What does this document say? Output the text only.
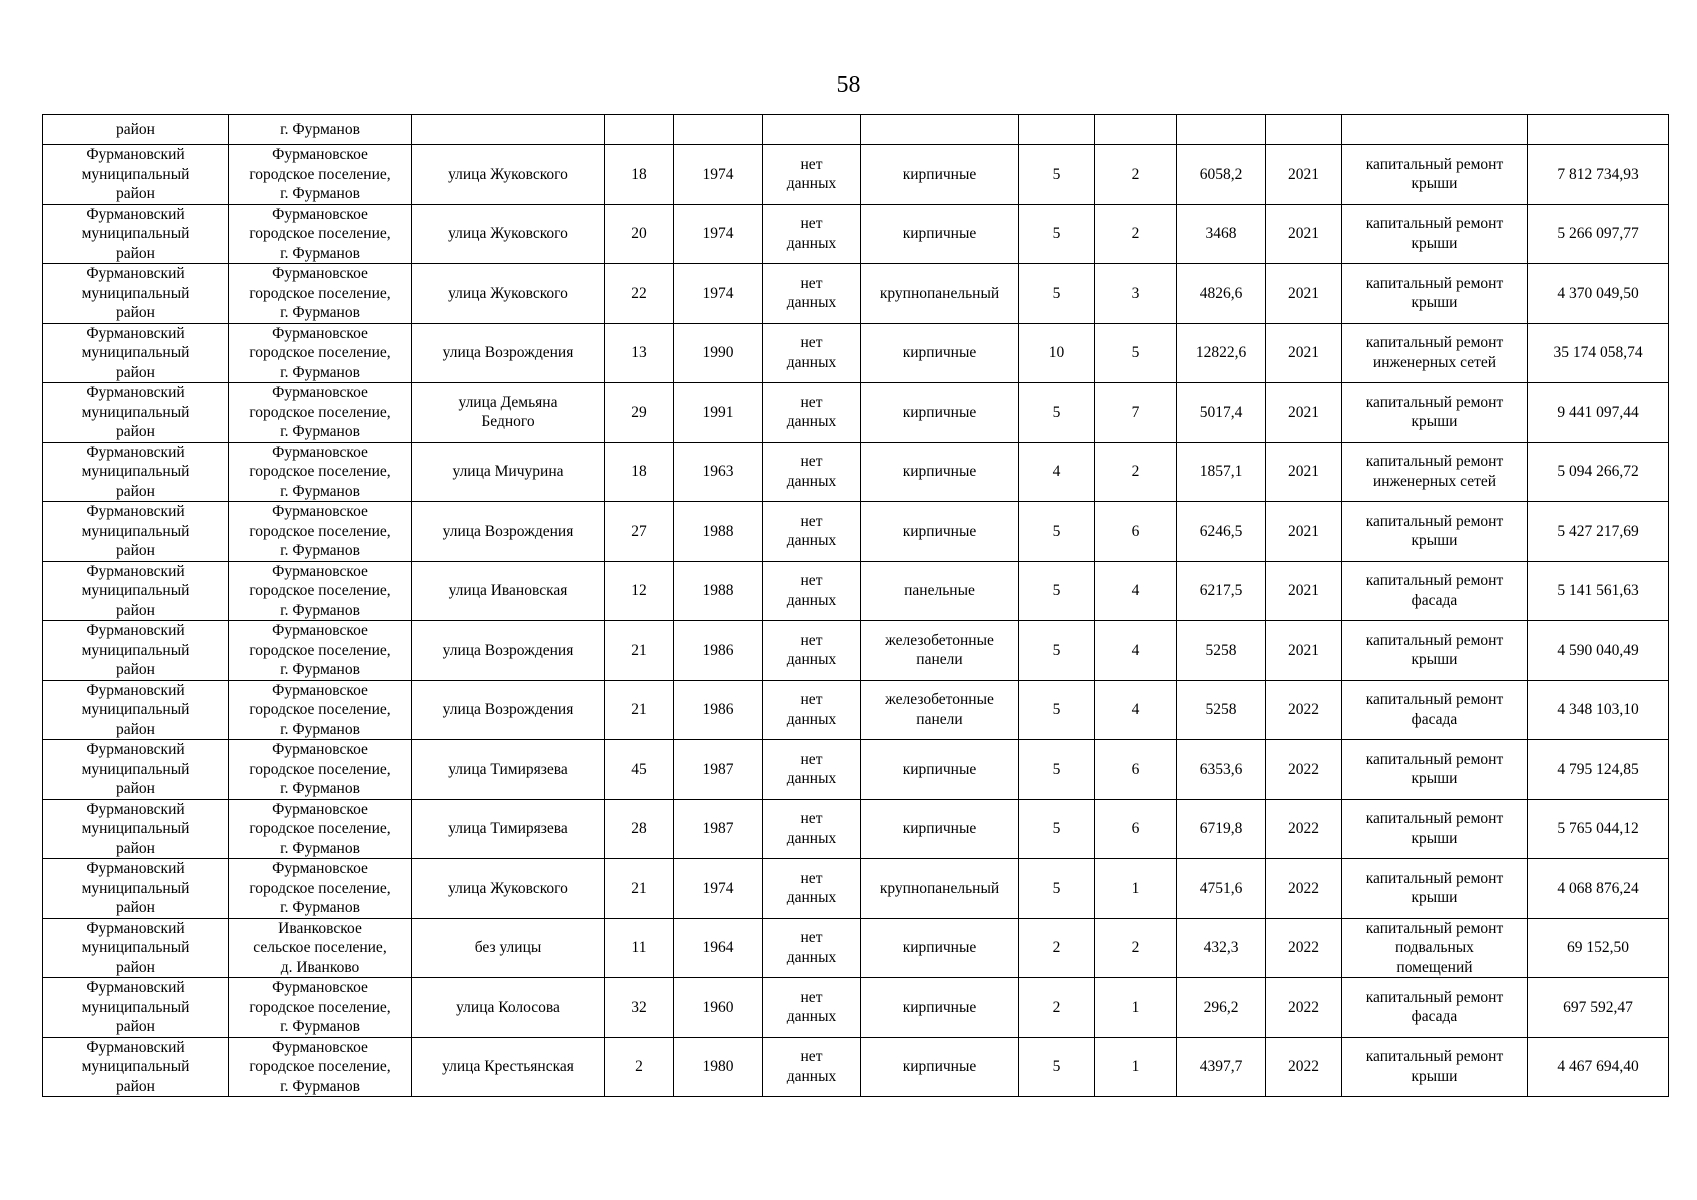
58
район	г. Фурманов											

Фурмановский
муниципальный
район	Фурмановское
городское поселение,
г. Фурманов	улица Жуковского	18	1974	нет
данных	кирпичные	5	2	6058,2	2021	капитальный ремонт
крыши	7 812 734,93

Фурмановский
муниципальный
район	Фурмановское
городское поселение,
г. Фурманов	улица Жуковского	20	1974	нет
данных	кирпичные	5	2	3468	2021	капитальный ремонт
крыши	5 266 097,77

Фурмановский
муниципальный
район	Фурмановское
городское поселение,
г. Фурманов	улица Жуковского	22	1974	нет
данных	крупнопанельный	5	3	4826,6	2021	капитальный ремонт
крыши	4 370 049,50

Фурмановский
муниципальный
район	Фурмановское
городское поселение,
г. Фурманов	улица Возрождения	13	1990	нет
данных	кирпичные	10	5	12822,6	2021	капитальный ремонт
инженерных сетей	35 174 058,74

Фурмановский
муниципальный
район	Фурмановское
городское поселение,
г. Фурманов	улица Демьяна
Бедного	29	1991	нет
данных	кирпичные	5	7	5017,4	2021	капитальный ремонт
крыши	9 441 097,44

Фурмановский
муниципальный
район	Фурмановское
городское поселение,
г. Фурманов	улица Мичурина	18	1963	нет
данных	кирпичные	4	2	1857,1	2021	капитальный ремонт
инженерных сетей	5 094 266,72

Фурмановский
муниципальный
район	Фурмановское
городское поселение,
г. Фурманов	улица Возрождения	27	1988	нет
данных	кирпичные	5	6	6246,5	2021	капитальный ремонт
крыши	5 427 217,69

Фурмановский
муниципальный
район	Фурмановское
городское поселение,
г. Фурманов	улица Ивановская	12	1988	нет
данных	панельные	5	4	6217,5	2021	капитальный ремонт
фасада	5 141 561,63

Фурмановский
муниципальный
район	Фурмановское
городское поселение,
г. Фурманов	улица Возрождения	21	1986	нет
данных	железобетонные
панели	5	4	5258	2021	капитальный ремонт
крыши	4 590 040,49

Фурмановский
муниципальный
район	Фурмановское
городское поселение,
г. Фурманов	улица Возрождения	21	1986	нет
данных	железобетонные
панели	5	4	5258	2022	капитальный ремонт
фасада	4 348 103,10

Фурмановский
муниципальный
район	Фурмановское
городское поселение,
г. Фурманов	улица Тимирязева	45	1987	нет
данных	кирпичные	5	6	6353,6	2022	капитальный ремонт
крыши	4 795 124,85

Фурмановский
муниципальный
район	Фурмановское
городское поселение,
г. Фурманов	улица Тимирязева	28	1987	нет
данных	кирпичные	5	6	6719,8	2022	капитальный ремонт
крыши	5 765 044,12

Фурмановский
муниципальный
район	Фурмановское
городское поселение,
г. Фурманов	улица Жуковского	21	1974	нет
данных	крупнопанельный	5	1	4751,6	2022	капитальный ремонт
крыши	4 068 876,24

Фурмановский
муниципальный
район	Иванковское
сельское поселение,
д. Иванково	без улицы	11	1964	нет
данных	кирпичные	2	2	432,3	2022	капитальный ремонт
подвальных
помещений	69 152,50

Фурмановский
муниципальный
район	Фурмановское
городское поселение,
г. Фурманов	улица Колосова	32	1960	нет
данных	кирпичные	2	1	296,2	2022	капитальный ремонт
фасада	697 592,47

Фурмановский
муниципальный
район	Фурмановское
городское поселение,
г. Фурманов	улица Крестьянская	2	1980	нет
данных	кирпичные	5	1	4397,7	2022	капитальный ремонт
крыши	4 467 694,40
